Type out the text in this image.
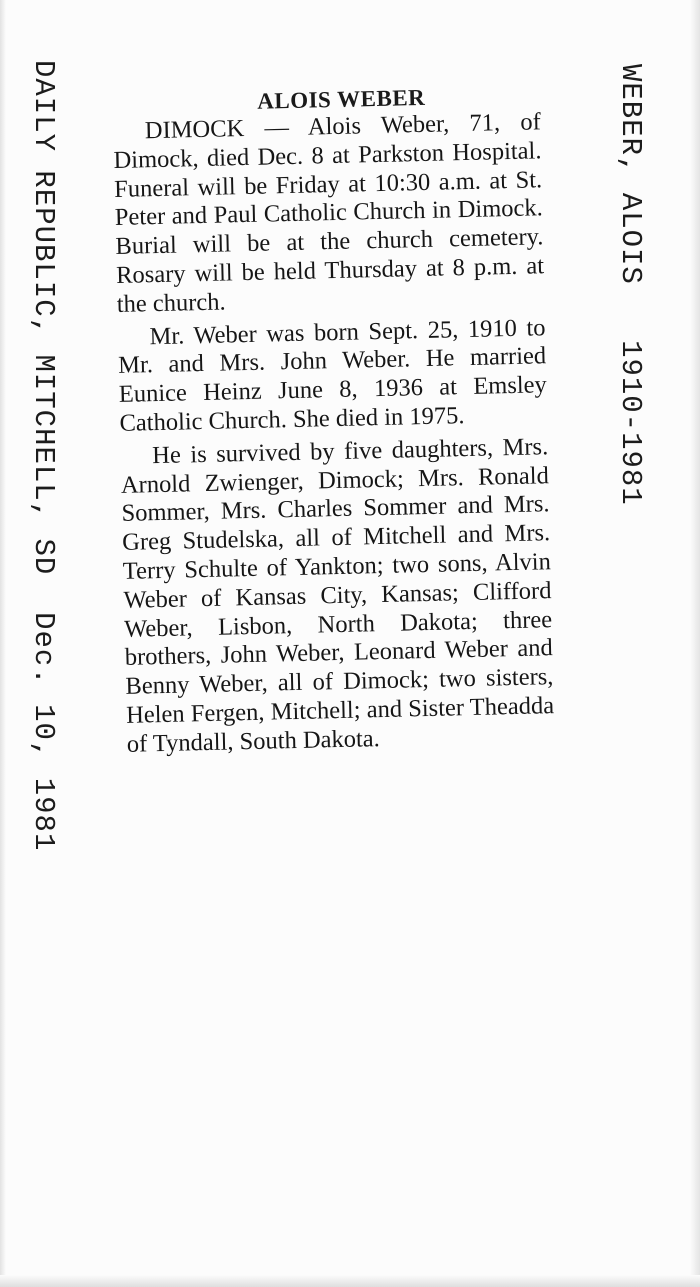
DAILY REPUBLIC, MITCHELL, SD  Dec. 10, 1981
WEBER, ALOIS   1910-1981
ALOIS WEBER

DIMOCK — Alois Weber, 71, of Dimock, died Dec. 8 at Parkston Hospital. Funeral will be Friday at 10:30 a.m. at St. Peter and Paul Catholic Church in Dimock. Burial will be at the church cemetery. Rosary will be held Thursday at 8 p.m. at the church.

Mr. Weber was born Sept. 25, 1910 to Mr. and Mrs. John Weber. He married Eunice Heinz June 8, 1936 at Emsley Catholic Church. She died in 1975.

He is survived by five daughters, Mrs. Arnold Zwienger, Dimock; Mrs. Ronald Sommer, Mrs. Charles Sommer and Mrs. Greg Studelska, all of Mitchell and Mrs. Terry Schulte of Yankton; two sons, Alvin Weber of Kansas City, Kansas; Clifford Weber, Lisbon, North Dakota; three brothers, John Weber, Leonard Weber and Benny Weber, all of Dimock; two sisters, Helen Fergen, Mitchell; and Sister Theadda of Tyndall, South Dakota.
